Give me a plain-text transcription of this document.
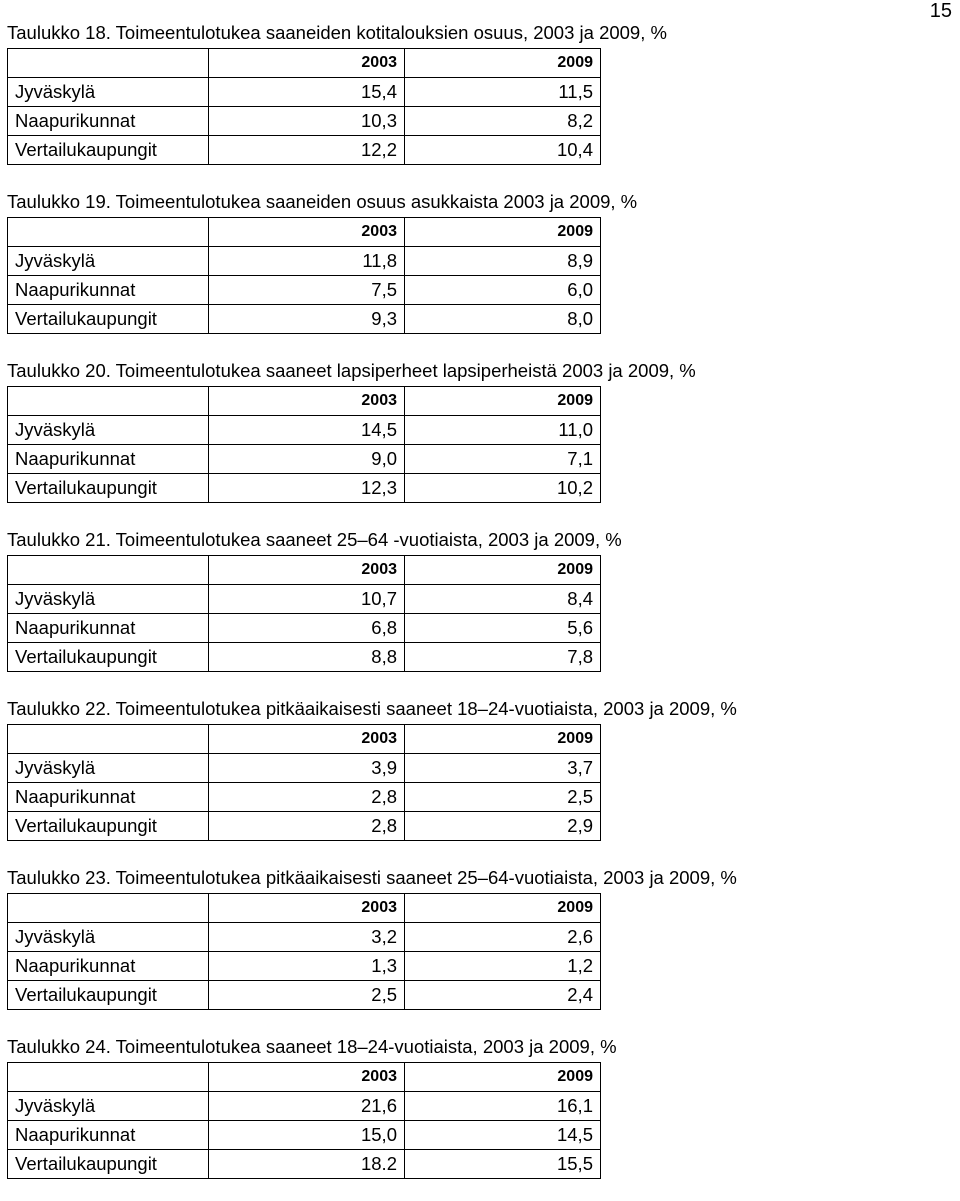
15
Taulukko 18. Toimeentulotukea saaneiden kotitalouksien osuus, 2003 ja 2009, %
	2003	2009
Jyväskylä	15,4	11,5
Naapurikunnat	10,3	8,2
Vertailukaupungit	12,2	10,4
Taulukko 19. Toimeentulotukea saaneiden osuus asukkaista 2003 ja 2009, %
	2003	2009
Jyväskylä	11,8	8,9
Naapurikunnat	7,5	6,0
Vertailukaupungit	9,3	8,0
Taulukko 20. Toimeentulotukea saaneet lapsiperheet lapsiperheistä 2003 ja 2009, %
	2003	2009
Jyväskylä	14,5	11,0
Naapurikunnat	9,0	7,1
Vertailukaupungit	12,3	10,2
Taulukko 21. Toimeentulotukea saaneet 25–64 -vuotiaista, 2003 ja 2009, %
	2003	2009
Jyväskylä	10,7	8,4
Naapurikunnat	6,8	5,6
Vertailukaupungit	8,8	7,8
Taulukko 22. Toimeentulotukea pitkäaikaisesti saaneet 18–24-vuotiaista, 2003 ja 2009, %
	2003	2009
Jyväskylä	3,9	3,7
Naapurikunnat	2,8	2,5
Vertailukaupungit	2,8	2,9
Taulukko 23. Toimeentulotukea pitkäaikaisesti saaneet 25–64-vuotiaista, 2003 ja 2009, %
	2003	2009
Jyväskylä	3,2	2,6
Naapurikunnat	1,3	1,2
Vertailukaupungit	2,5	2,4
Taulukko 24. Toimeentulotukea saaneet 18–24-vuotiaista, 2003 ja 2009, %
	2003	2009
Jyväskylä	21,6	16,1
Naapurikunnat	15,0	14,5
Vertailukaupungit	18.2	15,5
